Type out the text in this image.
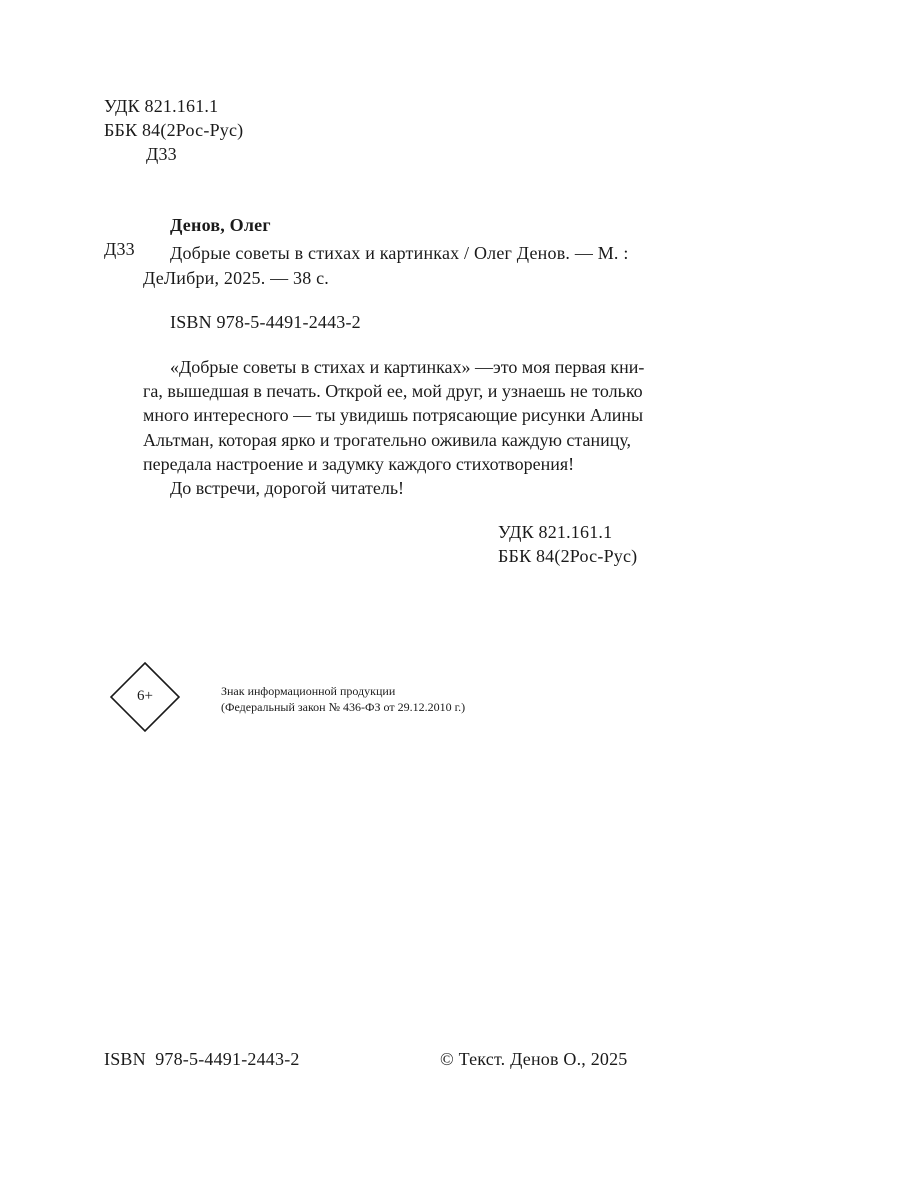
УДК 821.161.1
ББК 84(2Рос-Рус)
Д33
Денов, Олег
Д33 Добрые советы в стихах и картинках / Олег Денов. — М. :
ДеЛибри, 2025. — 38 с.
ISBN 978-5-4491-2443-2

«Добрые советы в стихах и картинках» —это моя первая кни-

га, вышедшая в печать. Открой ее, мой друг, и узнаешь не только

много интересного — ты увидишь потрясающие рисунки Алины

Альтман, которая ярко и трогательно оживила каждую станицу,

передала настроение и задумку каждого стихотворения!

До встречи, дорогой читатель!

УДК 821.161.1
ББК 84(2Рос-Рус)
6+	Знак информационной продукции
(Федеральный закон № 436-ФЗ от 29.12.2010 г.)
ISBN  978-5-4491-2443-2	© Текст. Денов О., 2025
